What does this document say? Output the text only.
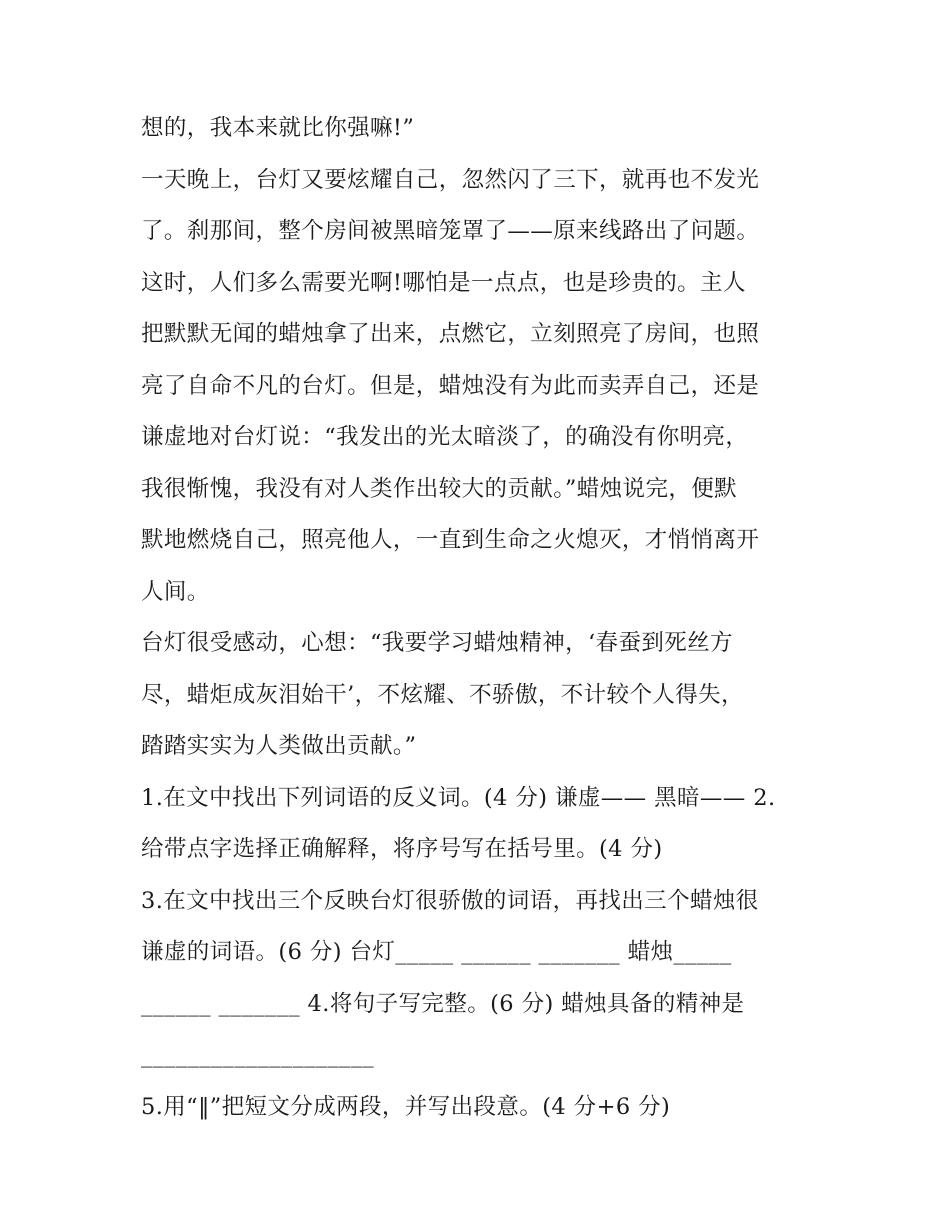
想的，我本来就比你强嘛!”
一天晚上，台灯又要炫耀自己，忽然闪了三下，就再也不发光
了。刹那间，整个房间被黑暗笼罩了——原来线路出了问题。
这时，人们多么需要光啊!哪怕是一点点，也是珍贵的。主人
把默默无闻的蜡烛拿了出来，点燃它，立刻照亮了房间，也照
亮了自命不凡的台灯。但是，蜡烛没有为此而卖弄自己，还是
谦虚地对台灯说：“我发出的光太暗淡了，的确没有你明亮，
我很惭愧，我没有对人类作出较大的贡献。”蜡烛说完，便默
默地燃烧自己，照亮他人，一直到生命之火熄灭，才悄悄离开
人间。
台灯很受感动，心想：“我要学习蜡烛精神，‘春蚕到死丝方
尽，蜡炬成灰泪始干’，不炫耀、不骄傲，不计较个人得失，
踏踏实实为人类做出贡献。”
1.在文中找出下列词语的反义词。(4 分) 谦虚—— 黑暗—— 2.
给带点字选择正确解释，将序号写在括号里。(4 分)
3.在文中找出三个反映台灯很骄傲的词语，再找出三个蜡烛很
谦虚的词语。(6 分) 台灯_____ ______ _______ 蜡烛_____
______ _______ 4.将句子写完整。(6 分) 蜡烛具备的精神是
____________________
5.用“‖”把短文分成两段，并写出段意。(4 分+6 分)
